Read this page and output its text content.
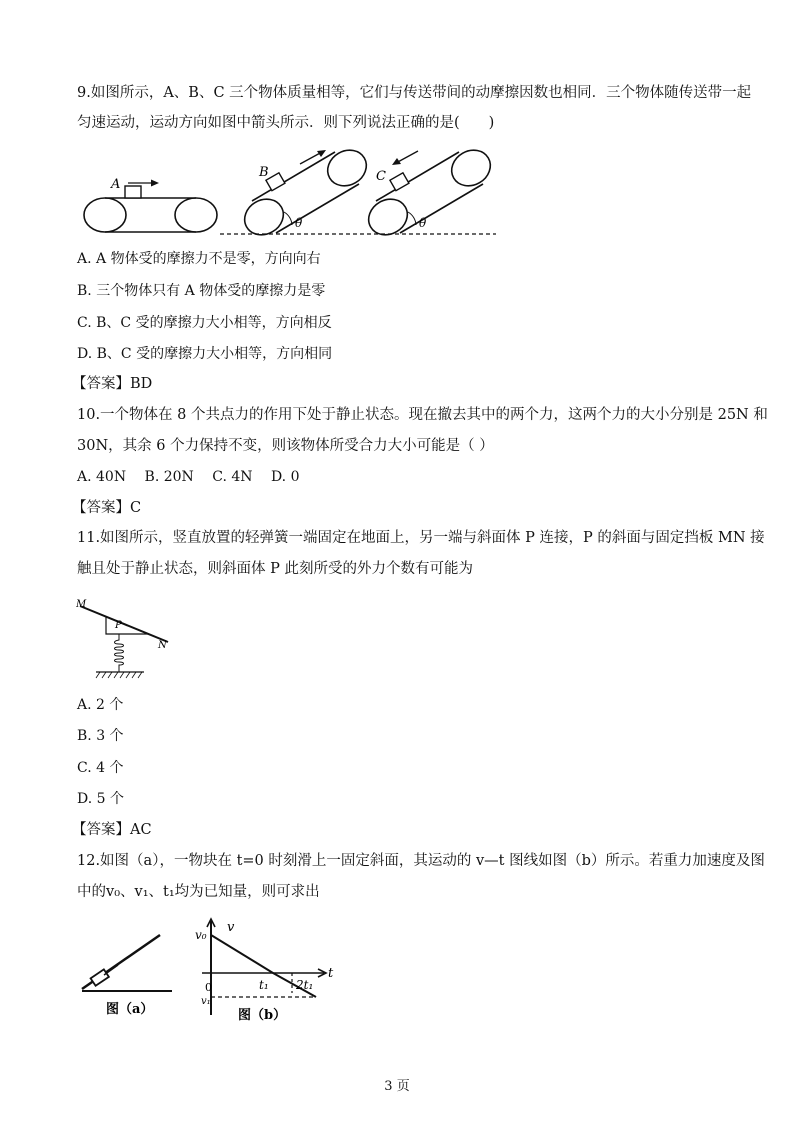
9.如图所示，A、B、C 三个物体质量相等，它们与传送带间的动摩擦因数也相同．三个物体随传送带一起
匀速运动，运动方向如图中箭头所示．则下列说法正确的是(　　)
A
B
θ
C
θ
A. A 物体受的摩擦力不是零，方向向右
B. 三个物体只有 A 物体受的摩擦力是零
C. B、C 受的摩擦力大小相等，方向相反
D. B、C 受的摩擦力大小相等，方向相同
【答案】BD
10.一个物体在 8 个共点力的作用下处于静止状态。现在撤去其中的两个力，这两个力的大小分别是 25N 和
30N，其余 6 个力保持不变，则该物体所受合力大小可能是（ ）
A. 40N　 B. 20N　 C. 4N　 D. 0
【答案】C
11.如图所示，竖直放置的轻弹簧一端固定在地面上，另一端与斜面体 P 连接，P 的斜面与固定挡板 MN 接
触且处于静止状态，则斜面体 P 此刻所受的外力个数有可能为
M
P
N
A. 2 个
B. 3 个
C. 4 个
D. 5 个
【答案】AC
12.如图（a），一物块在 t=0 时刻滑上一固定斜面，其运动的 v—t 图线如图（b）所示。若重力加速度及图
中的v₀、v₁、t₁均为已知量，则可求出
图（a）
v
v₀
0
v₁
t₁ 2t₁
t
图（b）
3 页
